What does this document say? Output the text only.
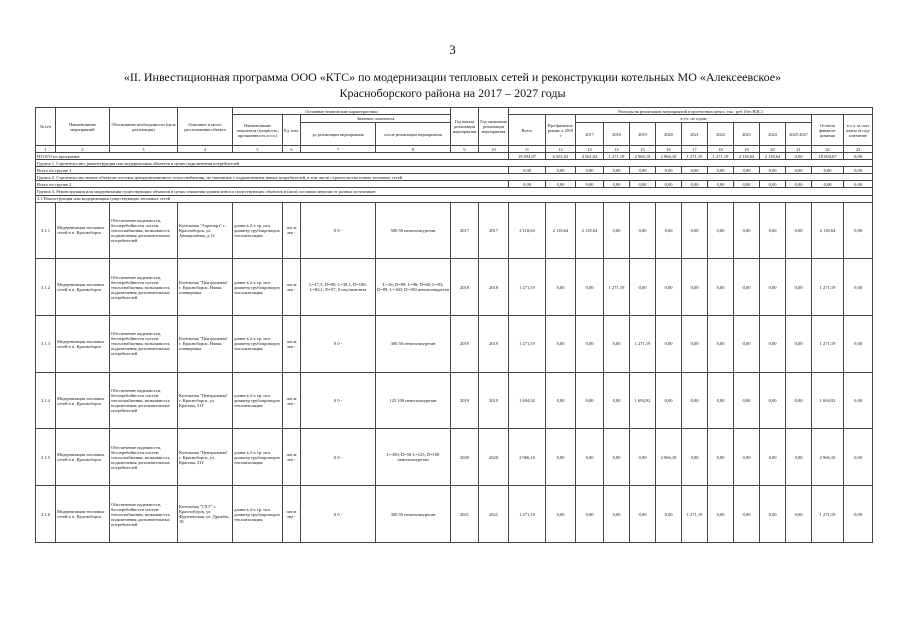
3
«II. Инвестиционная программа ООО «КТС» по модернизации тепловых сетей и реконструкции котельных МО «Алексеевское»
Красноборского района на 2017 – 2027 годы
№ п/п	Наименование мероприятий	Обоснование необходимости (цель реализации)	Описание и место расположения объекта	Основные технические характеристики				Год начала реализации мероприятия	Год окончания реализации мероприятия	Расходы на реализацию мероприятий в прогнозных ценах, тыс. руб. (без НДС)												
				Наименование показателя (мощность, протяженность и т.п.)	Ед. изм.	Значение показателя				Всего	Про-финанси-ровано к 2018 г	в т.ч. по годам									Остаток финанси-рования	в т.ч. за счет платы за под-ключение
						до реализации мероприятия	после реализации мероприятия					2017	2018	2019	2020	2021	2022	2023	2024	2025-2027		
1	2	3	4	5	6	7	8	9	10	11	12	13	14	15	16	17	18	19	20	21	22	23
ИТОГО по программе										18 694,07	6 561,02	4 561,62	1 271,19	2 966,10	2 966,10	1 271,19	1 271,19	2 118,64	2 118,64	0,00	18 694,07	0,00
Группа 1. Строительство, реконструкция или модернизация объектов в целях подключения потребителей																						
Всего по группе 1										0,00	0,00	0,00	0,00	0,00	0,00	0,00	0,00	0,00	0,00	0,00	0,00	0,00
Группа 2. Строительство новых объектов системы централизованного теплоснабжения, не связанных с подключением новых потребителей, в том числе строительство новых тепловых сетей																						
Всего по группе 2										0,00	0,00	0,00	0,00	0,00	0,00	0,00	0,00	0,00	0,00	0,00	0,00	0,00
Группа 3. Реконструкция или модернизация существующих объектов в целях снижения уровня износа существующих объектов и (или) поставки энергии от разных источников																						
3.1 Реконструкция или модернизация существующих тепловых сетей																						
3.1.1	Модернизация тепловых сетей в п. Красноборск	Обеспечение надежности, бесперебойности систем теплоснабжения, возможность подключения дополнительных потребителей	Котельная "Аэропорт" г. Красноборск, ул. Авиационная, д.11	длина в 2-х тр. исч. диаметр трубопроводов теплоизоляция	пог.м мм -	0 0 -	500 50 пенополиуретан	2017	2017	2 118,64	2 118,64	2 118,64	0,00	0,00	0,00	0,00	0,00	0,00	0,00	0,00	2 118,64	0,00
3.1.2	Модернизация тепловых сетей в п. Красноборск	Обеспечение надежности, бесперебойности систем теплоснабжения, возможность подключения дополнительных потребителей	Котельная "Центральная" г. Красноборск, Новая планировка	длина в 2-х тр. исч. диаметр трубопроводов теплоизоляция	пог.м мм -	L=17,5; D=89; L=38,1; D=100; L=82,1; D=57; 0 ппу/мин.вата	L=16; D=89; L=96; D=60; L=83; D=89; L=160; D=100 пенополиуретан	2018	2018	1 271,19	0,00	0,00	1 271,19	0,00	0,00	0,00	0,00	0,00	0,00	0,00	1 271,19	0,00
3.1.3	Модернизация тепловых сетей в п. Красноборск	Обеспечение надежности, бесперебойности систем теплоснабжения, возможность подключения дополнительных потребителей	Котельная "Центральная" г. Красноборск, Новая планировка	длина в 2-х тр. исч. диаметр трубопроводов теплоизоляция	пог.м мм -	0 0 -	300 50 пенополиуретан	2019	2019	1 271,19	0,00	0,00	0,00	1 271,19	0,00	0,00	0,00	0,00	0,00	0,00	1 271,19	0,00
3.1.4	Модернизация тепловых сетей в п. Красноборск	Обеспечение надежности, бесперебойности систем теплоснабжения, возможность подключения дополнительных потребителей	Котельная "Центральная" г. Красноборск, ул. Красная, 31Г	длина в 2-х тр. исч. диаметр трубопроводов теплоизоляция	пог.м мм -	0 0 -	125 100 пенополиуретан	2019	2019	1 694,92	0,00	0,00	0,00	1 694,92	0,00	0,00	0,00	0,00	0,00	0,00	1 694,92	0,00
3.1.5	Модернизация тепловых сетей в п. Красноборск	Обеспечение надежности, бесперебойности систем теплоснабжения, возможность подключения дополнительных потребителей	Котельная "Центральная" г. Красноборск, ул. Красная, 31Г	длина в 2-х тр. исч. диаметр трубопроводов теплоизоляция	пог.м мм -	0 0 -	L=300; D=50 L=125; D=100 пенополиуретан	2020	2020	2 966,10	0,00	0,00	0,00	0,00	2 966,10	0,00	0,00	0,00	0,00	0,00	2 966,10	0,00
3.1.6	Модернизация тепловых сетей в п. Красноборск	Обеспечение надежности, бесперебойности систем теплоснабжения, возможность подключения дополнительных потребителей	Котельная "СХТ" г. Красноборск, ул. Фрунзенская, ул. Дружбы, 10	длина в 2-х тр. исч. диаметр трубопроводов теплоизоляция	пог.м мм -	0 0 -	300 50 пенополиуретан	2021	2021	1 271,19	0,00	0,00	0,00	0,00	0,00	1 271,19	0,00	0,00	0,00	0,00	1 271,19	0,00
